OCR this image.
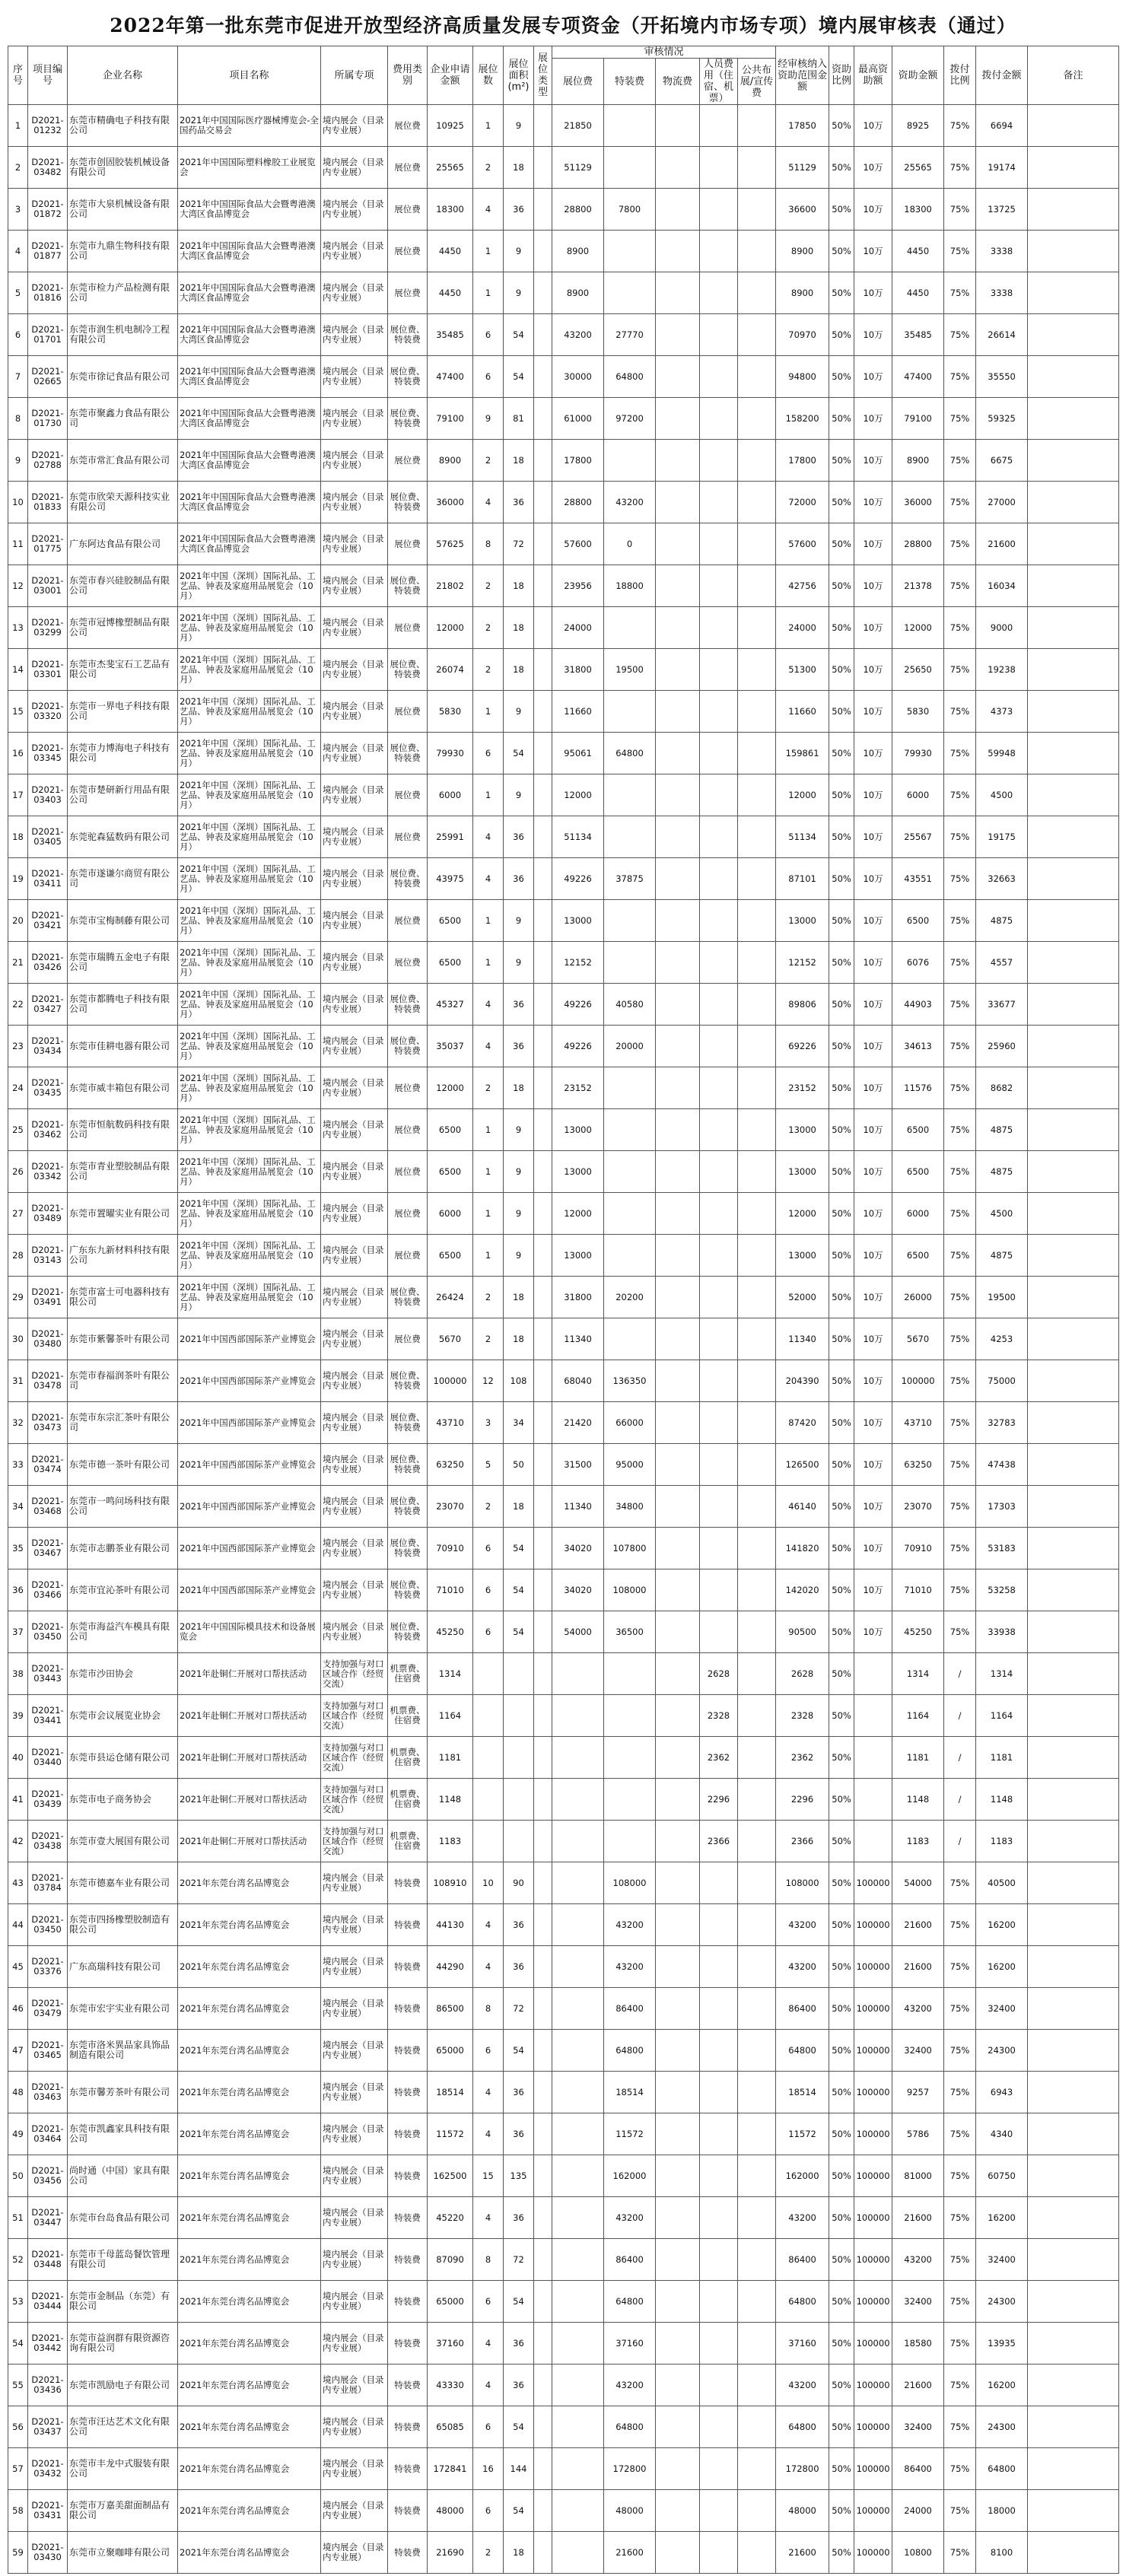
2022年第一批东莞市促进开放型经济高质量发展专项资金（开拓境内市场专项）境内展审核表（通过）
序号	项目编号	企业名称	项目名称	所属专项	费用类别	企业申请金额	展位数	展位面积(m²)	展位类型	审核情况					经审核纳入资助范围金额	资助比例	最高资助额	资助金额	拨付比例	拨付金额	备注
										展位费	特装费	物流费	人员费用（住宿、机票）	公共布展/宣传费							
1	D2021-01232	东莞市精确电子科技有限公司	2021年中国国际医疗器械博览会-全国药品交易会	境内展会（目录内专业展）	展位费	10925	1	9		21850					17850	50%	10万	8925	75%	6694	
2	D2021-03482	东莞市创固胶装机械设备有限公司	2021年中国国际塑料橡胶工业展览会	境内展会（目录内专业展）	展位费	25565	2	18		51129					51129	50%	10万	25565	75%	19174	
3	D2021-01872	东莞市大泉机械设备有限公司	2021年中国国际食品大会暨粤港澳大湾区食品博览会	境内展会（目录内专业展）	展位费	18300	4	36		28800	7800				36600	50%	10万	18300	75%	13725	
4	D2021-01877	东莞市九鼎生物科技有限公司	2021年中国国际食品大会暨粤港澳大湾区食品博览会	境内展会（目录内专业展）	展位费	4450	1	9		8900					8900	50%	10万	4450	75%	3338	
5	D2021-01816	东莞市检力产品检测有限公司	2021年中国国际食品大会暨粤港澳大湾区食品博览会	境内展会（目录内专业展）	展位费	4450	1	9		8900					8900	50%	10万	4450	75%	3338	
6	D2021-01701	东莞市润生机电制冷工程有限公司	2021年中国国际食品大会暨粤港澳大湾区食品博览会	境内展会（目录内专业展）	展位费、特装费	35485	6	54		43200	27770				70970	50%	10万	35485	75%	26614	
7	D2021-02665	东莞市徐记食品有限公司	2021年中国国际食品大会暨粤港澳大湾区食品博览会	境内展会（目录内专业展）	展位费、特装费	47400	6	54		30000	64800				94800	50%	10万	47400	75%	35550	
8	D2021-01730	东莞市聚鑫力食品有限公司	2021年中国国际食品大会暨粤港澳大湾区食品博览会	境内展会（目录内专业展）	展位费、特装费	79100	9	81		61000	97200				158200	50%	10万	79100	75%	59325	
9	D2021-02788	东莞市常汇食品有限公司	2021年中国国际食品大会暨粤港澳大湾区食品博览会	境内展会（目录内专业展）	展位费	8900	2	18		17800					17800	50%	10万	8900	75%	6675	
10	D2021-01833	东莞市欣荣天源科技实业有限公司	2021年中国国际食品大会暨粤港澳大湾区食品博览会	境内展会（目录内专业展）	展位费、特装费	36000	4	36		28800	43200				72000	50%	10万	36000	75%	27000	
11	D2021-01775	广东阿达食品有限公司	2021年中国国际食品大会暨粤港澳大湾区食品博览会	境内展会（目录内专业展）	展位费	57625	8	72		57600	0				57600	50%	10万	28800	75%	21600	
12	D2021-03001	东莞市春兴硅胶制品有限公司	2021年中国（深圳）国际礼品、工艺品、钟表及家庭用品展览会（10月）	境内展会（目录内专业展）	展位费、特装费	21802	2	18		23956	18800				42756	50%	10万	21378	75%	16034	
13	D2021-03299	东莞市冠博橡塑制品有限公司	2021年中国（深圳）国际礼品、工艺品、钟表及家庭用品展览会（10月）	境内展会（目录内专业展）	展位费	12000	2	18		24000					24000	50%	10万	12000	75%	9000	
14	D2021-03301	东莞市杰斐宝石工艺品有限公司	2021年中国（深圳）国际礼品、工艺品、钟表及家庭用品展览会（10月）	境内展会（目录内专业展）	展位费、特装费	26074	2	18		31800	19500				51300	50%	10万	25650	75%	19238	
15	D2021-03320	东莞市一界电子科技有限公司	2021年中国（深圳）国际礼品、工艺品、钟表及家庭用品展览会（10月）	境内展会（目录内专业展）	展位费	5830	1	9		11660					11660	50%	10万	5830	75%	4373	
16	D2021-03345	东莞市力博海电子科技有限公司	2021年中国（深圳）国际礼品、工艺品、钟表及家庭用品展览会（10月）	境内展会（目录内专业展）	展位费、特装费	79930	6	54		95061	64800				159861	50%	10万	79930	75%	59948	
17	D2021-03403	东莞市楚研新行用品有限公司	2021年中国（深圳）国际礼品、工艺品、钟表及家庭用品展览会（10月）	境内展会（目录内专业展）	展位费	6000	1	9		12000					12000	50%	10万	6000	75%	4500	
18	D2021-03405	东莞驼森猛数码有限公司	2021年中国（深圳）国际礼品、工艺品、钟表及家庭用品展览会（10月）	境内展会（目录内专业展）	展位费	25991	4	36		51134					51134	50%	10万	25567	75%	19175	
19	D2021-03411	东莞市遂谦尔商贸有限公司	2021年中国（深圳）国际礼品、工艺品、钟表及家庭用品展览会（10月）	境内展会（目录内专业展）	展位费、特装费	43975	4	36		49226	37875				87101	50%	10万	43551	75%	32663	
20	D2021-03421	东莞市宝梅制藤有限公司	2021年中国（深圳）国际礼品、工艺品、钟表及家庭用品展览会（10月）	境内展会（目录内专业展）	展位费	6500	1	9		13000					13000	50%	10万	6500	75%	4875	
21	D2021-03426	东莞市瑞腾五金电子有限公司	2021年中国（深圳）国际礼品、工艺品、钟表及家庭用品展览会（10月）	境内展会（目录内专业展）	展位费	6500	1	9		12152					12152	50%	10万	6076	75%	4557	
22	D2021-03427	东莞市都腾电子科技有限公司	2021年中国（深圳）国际礼品、工艺品、钟表及家庭用品展览会（10月）	境内展会（目录内专业展）	展位费、特装费	45327	4	36		49226	40580				89806	50%	10万	44903	75%	33677	
23	D2021-03434	东莞市佳耕电器有限公司	2021年中国（深圳）国际礼品、工艺品、钟表及家庭用品展览会（10月）	境内展会（目录内专业展）	展位费、特装费	35037	4	36		49226	20000				69226	50%	10万	34613	75%	25960	
24	D2021-03435	东莞市威丰箱包有限公司	2021年中国（深圳）国际礼品、工艺品、钟表及家庭用品展览会（10月）	境内展会（目录内专业展）	展位费	12000	2	18		23152					23152	50%	10万	11576	75%	8682	
25	D2021-03462	东莞市恒航数码科技有限公司	2021年中国（深圳）国际礼品、工艺品、钟表及家庭用品展览会（10月）	境内展会（目录内专业展）	展位费	6500	1	9		13000					13000	50%	10万	6500	75%	4875	
26	D2021-03342	东莞市青业塑胶制品有限公司	2021年中国（深圳）国际礼品、工艺品、钟表及家庭用品展览会（10月）	境内展会（目录内专业展）	展位费	6500	1	9		13000					13000	50%	10万	6500	75%	4875	
27	D2021-03489	东莞市置曜实业有限公司	2021年中国（深圳）国际礼品、工艺品、钟表及家庭用品展览会（10月）	境内展会（目录内专业展）	展位费	6000	1	9		12000					12000	50%	10万	6000	75%	4500	
28	D2021-03143	广东东九新材料科技有限公司	2021年中国（深圳）国际礼品、工艺品、钟表及家庭用品展览会（10月）	境内展会（目录内专业展）	展位费	6500	1	9		13000					13000	50%	10万	6500	75%	4875	
29	D2021-03491	东莞市富士可电器科技有限公司	2021年中国（深圳）国际礼品、工艺品、钟表及家庭用品展览会（10月）	境内展会（目录内专业展）	展位费、特装费	26424	2	18		31800	20200				52000	50%	10万	26000	75%	19500	
30	D2021-03480	东莞市紫馨茶叶有限公司	2021年中国西部国际茶产业博览会	境内展会（目录内专业展）	展位费	5670	2	18		11340					11340	50%	10万	5670	75%	4253	
31	D2021-03478	东莞市春福润茶叶有限公司	2021年中国西部国际茶产业博览会	境内展会（目录内专业展）	展位费、特装费	100000	12	108		68040	136350				204390	50%	10万	100000	75%	75000	
32	D2021-03473	东莞市东宗汇茶叶有限公司	2021年中国西部国际茶产业博览会	境内展会（目录内专业展）	展位费、特装费	43710	3	34		21420	66000				87420	50%	10万	43710	75%	32783	
33	D2021-03474	东莞市德一茶叶有限公司	2021年中国西部国际茶产业博览会	境内展会（目录内专业展）	展位费、特装费	63250	5	50		31500	95000				126500	50%	10万	63250	75%	47438	
34	D2021-03468	东莞市一鸣问场科技有限公司	2021年中国西部国际茶产业博览会	境内展会（目录内专业展）	展位费、特装费	23070	2	18		11340	34800				46140	50%	10万	23070	75%	17303	
35	D2021-03467	东莞市志鹏茶业有限公司	2021年中国西部国际茶产业博览会	境内展会（目录内专业展）	展位费、特装费	70910	6	54		34020	107800				141820	50%	10万	70910	75%	53183	
36	D2021-03466	东莞市宜沁茶叶有限公司	2021年中国西部国际茶产业博览会	境内展会（目录内专业展）	展位费、特装费	71010	6	54		34020	108000				142020	50%	10万	71010	75%	53258	
37	D2021-03450	东莞市海益汽车模具有限公司	2021年中国国际模具技术和设备展览会	境内展会（目录内专业展）	展位费、特装费	45250	6	54		54000	36500				90500	50%	10万	45250	75%	33938	
38	D2021-03443	东莞市沙田协会	2021年赴铜仁开展对口帮扶活动	支持加强与对口区域合作（经贸交流）	机票费、住宿费	1314							2628		2628	50%		1314	/	1314	
39	D2021-03441	东莞市会议展览业协会	2021年赴铜仁开展对口帮扶活动	支持加强与对口区域合作（经贸交流）	机票费、住宿费	1164							2328		2328	50%		1164	/	1164	
40	D2021-03440	东莞市县运仓储有限公司	2021年赴铜仁开展对口帮扶活动	支持加强与对口区域合作（经贸交流）	机票费、住宿费	1181							2362		2362	50%		1181	/	1181	
41	D2021-03439	东莞市电子商务协会	2021年赴铜仁开展对口帮扶活动	支持加强与对口区域合作（经贸交流）	机票费、住宿费	1148							2296		2296	50%		1148	/	1148	
42	D2021-03438	东莞市壹大展国有限公司	2021年赴铜仁开展对口帮扶活动	支持加强与对口区域合作（经贸交流）	机票费、住宿费	1183							2366		2366	50%		1183	/	1183	
43	D2021-03784	东莞市德嘉车业有限公司	2021年东莞台湾名品博览会	境内展会（目录内专业展）	特装费	108910	10	90			108000				108000	50%	100000	54000	75%	40500	
44	D2021-03450	东莞市四扬橡塑胶制造有限公司	2021年东莞台湾名品博览会	境内展会（目录内专业展）	特装费	44130	4	36			43200				43200	50%	100000	21600	75%	16200	
45	D2021-03376	广东高瑞科技有限公司	2021年东莞台湾名品博览会	境内展会（目录内专业展）	特装费	44290	4	36			43200				43200	50%	100000	21600	75%	16200	
46	D2021-03479	东莞市宏宇实业有限公司	2021年东莞台湾名品博览会	境内展会（目录内专业展）	特装费	86500	8	72			86400				86400	50%	100000	43200	75%	32400	
47	D2021-03465	东莞市洛米異品家具饰品制造有限公司	2021年东莞台湾名品博览会	境内展会（目录内专业展）	特装费	65000	6	54			64800				64800	50%	100000	32400	75%	24300	
48	D2021-03463	东莞市馨芳茶叶有限公司	2021年东莞台湾名品博览会	境内展会（目录内专业展）	特装费	18514	4	36			18514				18514	50%	100000	9257	75%	6943	
49	D2021-03464	东莞市凯鑫家具科技有限公司	2021年东莞台湾名品博览会	境内展会（目录内专业展）	特装费	11572	4	36			11572				11572	50%	100000	5786	75%	4340	
50	D2021-03456	尚时通（中国）家具有限公司	2021年东莞台湾名品博览会	境内展会（目录内专业展）	特装费	162500	15	135			162000				162000	50%	100000	81000	75%	60750	
51	D2021-03447	东莞市台岛食品有限公司	2021年东莞台湾名品博览会	境内展会（目录内专业展）	特装费	45220	4	36			43200				43200	50%	100000	21600	75%	16200	
52	D2021-03448	东莞市千母蓝岛餐饮管理有限公司	2021年东莞台湾名品博览会	境内展会（目录内专业展）	特装费	87090	8	72			86400				86400	50%	100000	43200	75%	32400	
53	D2021-03444	东莞市金制品（东莞）有限公司	2021年东莞台湾名品博览会	境内展会（目录内专业展）	特装费	65000	6	54			64800				64800	50%	100000	32400	75%	24300	
54	D2021-03442	东莞市益润群有限资源咨询有限公司	2021年东莞台湾名品博览会	境内展会（目录内专业展）	特装费	37160	4	36			37160				37160	50%	100000	18580	75%	13935	
55	D2021-03436	东莞市凯励电子有限公司	2021年东莞台湾名品博览会	境内展会（目录内专业展）	特装费	43330	4	36			43200				43200	50%	100000	21600	75%	16200	
56	D2021-03437	东莞市汪达艺术文化有限公司	2021年东莞台湾名品博览会	境内展会（目录内专业展）	特装费	65085	6	54			64800				64800	50%	100000	32400	75%	24300	
57	D2021-03432	东莞市丰龙中式服装有限公司	2021年东莞台湾名品博览会	境内展会（目录内专业展）	特装费	172841	16	144			172800				172800	50%	100000	86400	75%	64800	
58	D2021-03431	东莞市万嘉美甜面制品有限公司	2021年东莞台湾名品博览会	境内展会（目录内专业展）	特装费	48000	6	54			48000				48000	50%	100000	24000	75%	18000	
59	D2021-03430	东莞市立聚咖啡有限公司	2021年东莞台湾名品博览会	境内展会（目录内专业展）	特装费	21690	2	18			21600				21600	50%	100000	10800	75%	8100	
